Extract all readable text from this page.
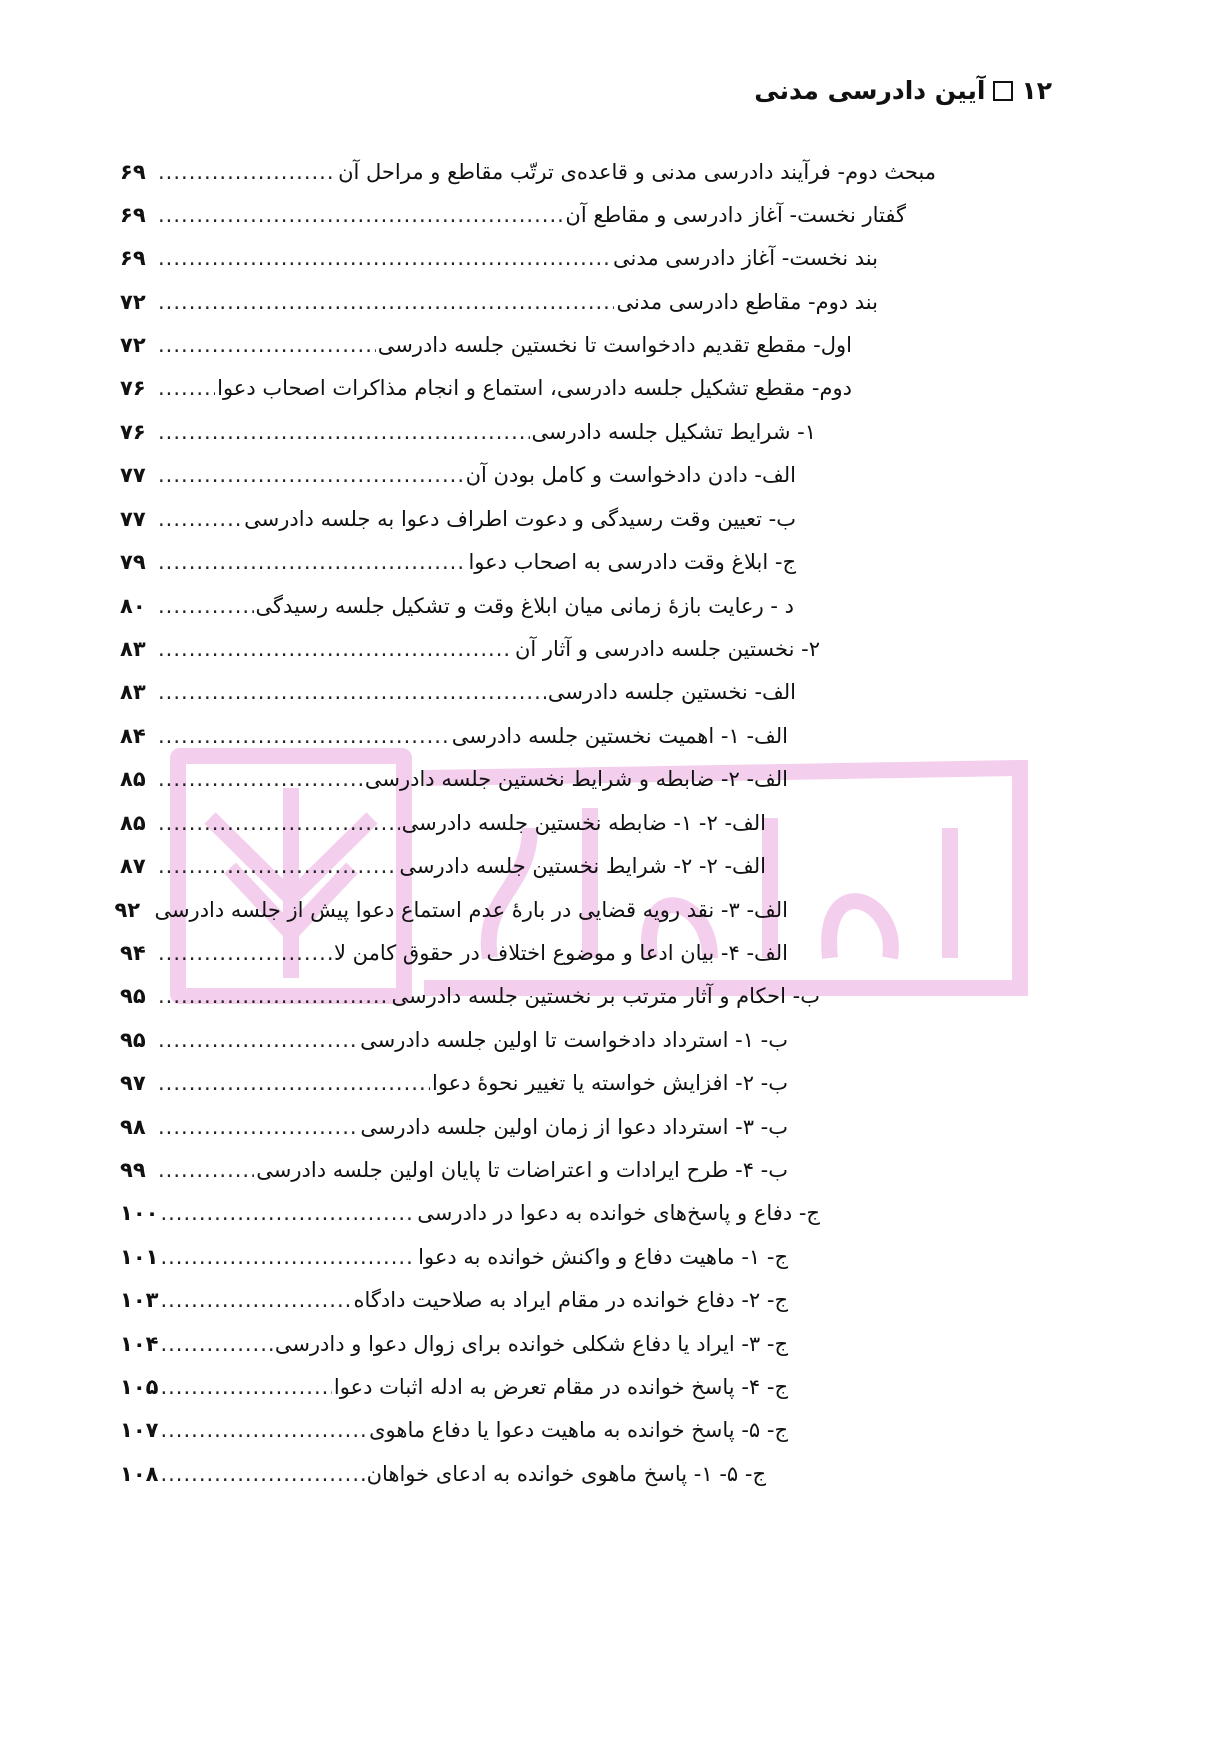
۱۲
آیین دادرسی مدنی
مبحث دوم- فرآیند دادرسی مدنی و قاعده‌ی ترتّب مقاطع و مراحل آن
.....
۶۹
گفتار نخست- آغاز دادرسی و مقاطع آن
.....
۶۹
بند نخست- آغاز دادرسی مدنی
.....
۶۹
بند دوم- مقاطع دادرسی مدنی
.....
۷۲
اول- مقطع تقدیم دادخواست تا نخستین جلسه دادرسی
.....
۷۲
دوم- مقطع تشکیل جلسه دادرسی، استماع و انجام مذاکرات اصحاب دعوا
.....
۷۶
۱- شرایط تشکیل جلسه دادرسی
.....
۷۶
الف- دادن دادخواست و کامل بودن آن
.....
۷۷
ب- تعیین وقت رسیدگی و دعوت اطراف دعوا به جلسه دادرسی
.....
۷۷
ج- ابلاغ وقت دادرسی به اصحاب دعوا
.....
۷۹
د - رعایت بازهٔ زمانی میان ابلاغ وقت و تشکیل جلسه رسیدگی
.....
۸۰
۲- نخستین جلسه دادرسی و آثار آن
.....
۸۳
الف- نخستین جلسه دادرسی
.....
۸۳
الف- ۱- اهمیت نخستین جلسه دادرسی
.....
۸۴
الف- ۲- ضابطه و شرایط نخستین جلسه دادرسی
.....
۸۵
الف- ۲- ۱- ضابطه نخستین جلسه دادرسی
.....
۸۵
الف- ۲- ۲- شرایط نخستین جلسه دادرسی
.....
۸۷
الف- ۳- نقد رویه قضایی در بارهٔ عدم استماع دعوا پیش از جلسه دادرسی
۹۲
الف- ۴- بیان ادعا و موضوع اختلاف در حقوق کامن لا
.....
۹۴
ب- احکام و آثار مترتب بر نخستین جلسه دادرسی
.....
۹۵
ب- ۱- استرداد دادخواست تا اولین جلسه دادرسی
.....
۹۵
ب- ۲- افزایش خواسته یا تغییر نحوهٔ دعوا
.....
۹۷
ب- ۳- استرداد دعوا از زمان اولین جلسه دادرسی
.....
۹۸
ب- ۴- طرح ایرادات و اعتراضات تا پایان اولین جلسه دادرسی
.....
۹۹
ج- دفاع و پاسخ‌های خوانده به دعوا در دادرسی
.....
۱۰۰
ج- ۱- ماهیت دفاع و واکنش خوانده به دعوا
.....
۱۰۱
ج- ۲- دفاع خوانده در مقام ایراد به صلاحیت دادگاه
.....
۱۰۳
ج- ۳- ایراد یا دفاع شکلی خوانده برای زوال دعوا و دادرسی
.....
۱۰۴
ج- ۴- پاسخ خوانده در مقام تعرض به ادله اثبات دعوا
.....
۱۰۵
ج- ۵- پاسخ خوانده به ماهیت دعوا یا دفاع ماهوی
.....
۱۰۷
ج- ۵- ۱- پاسخ ماهوی خوانده به ادعای خواهان
.....
۱۰۸
